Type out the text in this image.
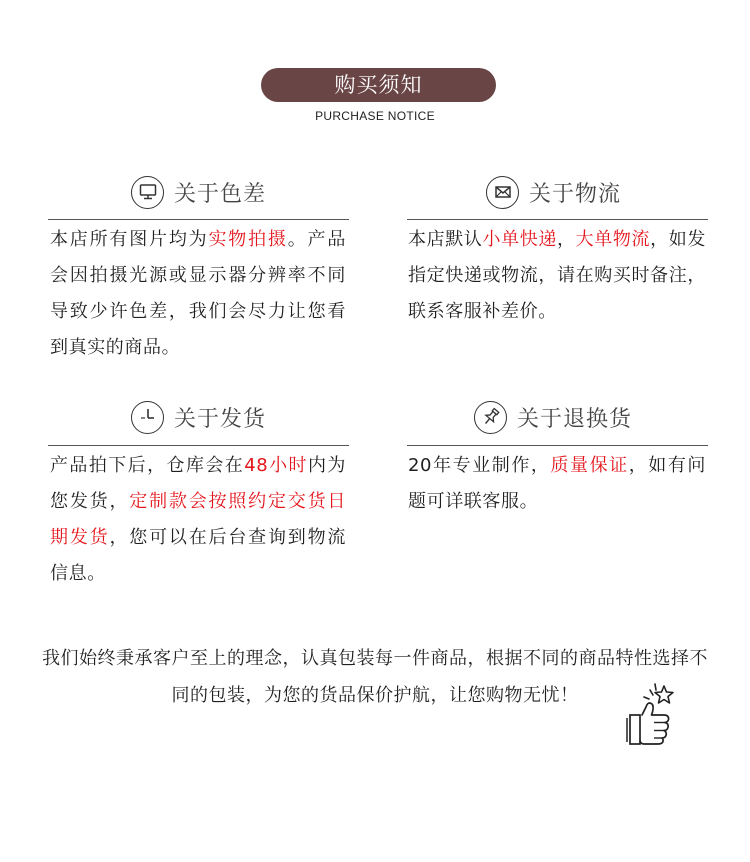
购买须知
PURCHASE NOTICE
关于色差
本店所有图片均为实物拍摄。产品会因拍摄光源或显示器分辨率不同导致少许色差，我们会尽力让您看到真实的商品。
关于物流
本店默认小单快递，大单物流，如发指定快递或物流，请在购买时备注，联系客服补差价。
关于发货
产品拍下后，仓库会在48小时内为您发货，定制款会按照约定交货日期发货，您可以在后台查询到物流信息。
关于退换货
20年专业制作，质量保证，如有问题可详联客服。
我们始终秉承客户至上的理念，认真包装每一件商品，根据不同的商品特性选择不同的包装，为您的货品保价护航，让您购物无忧！
